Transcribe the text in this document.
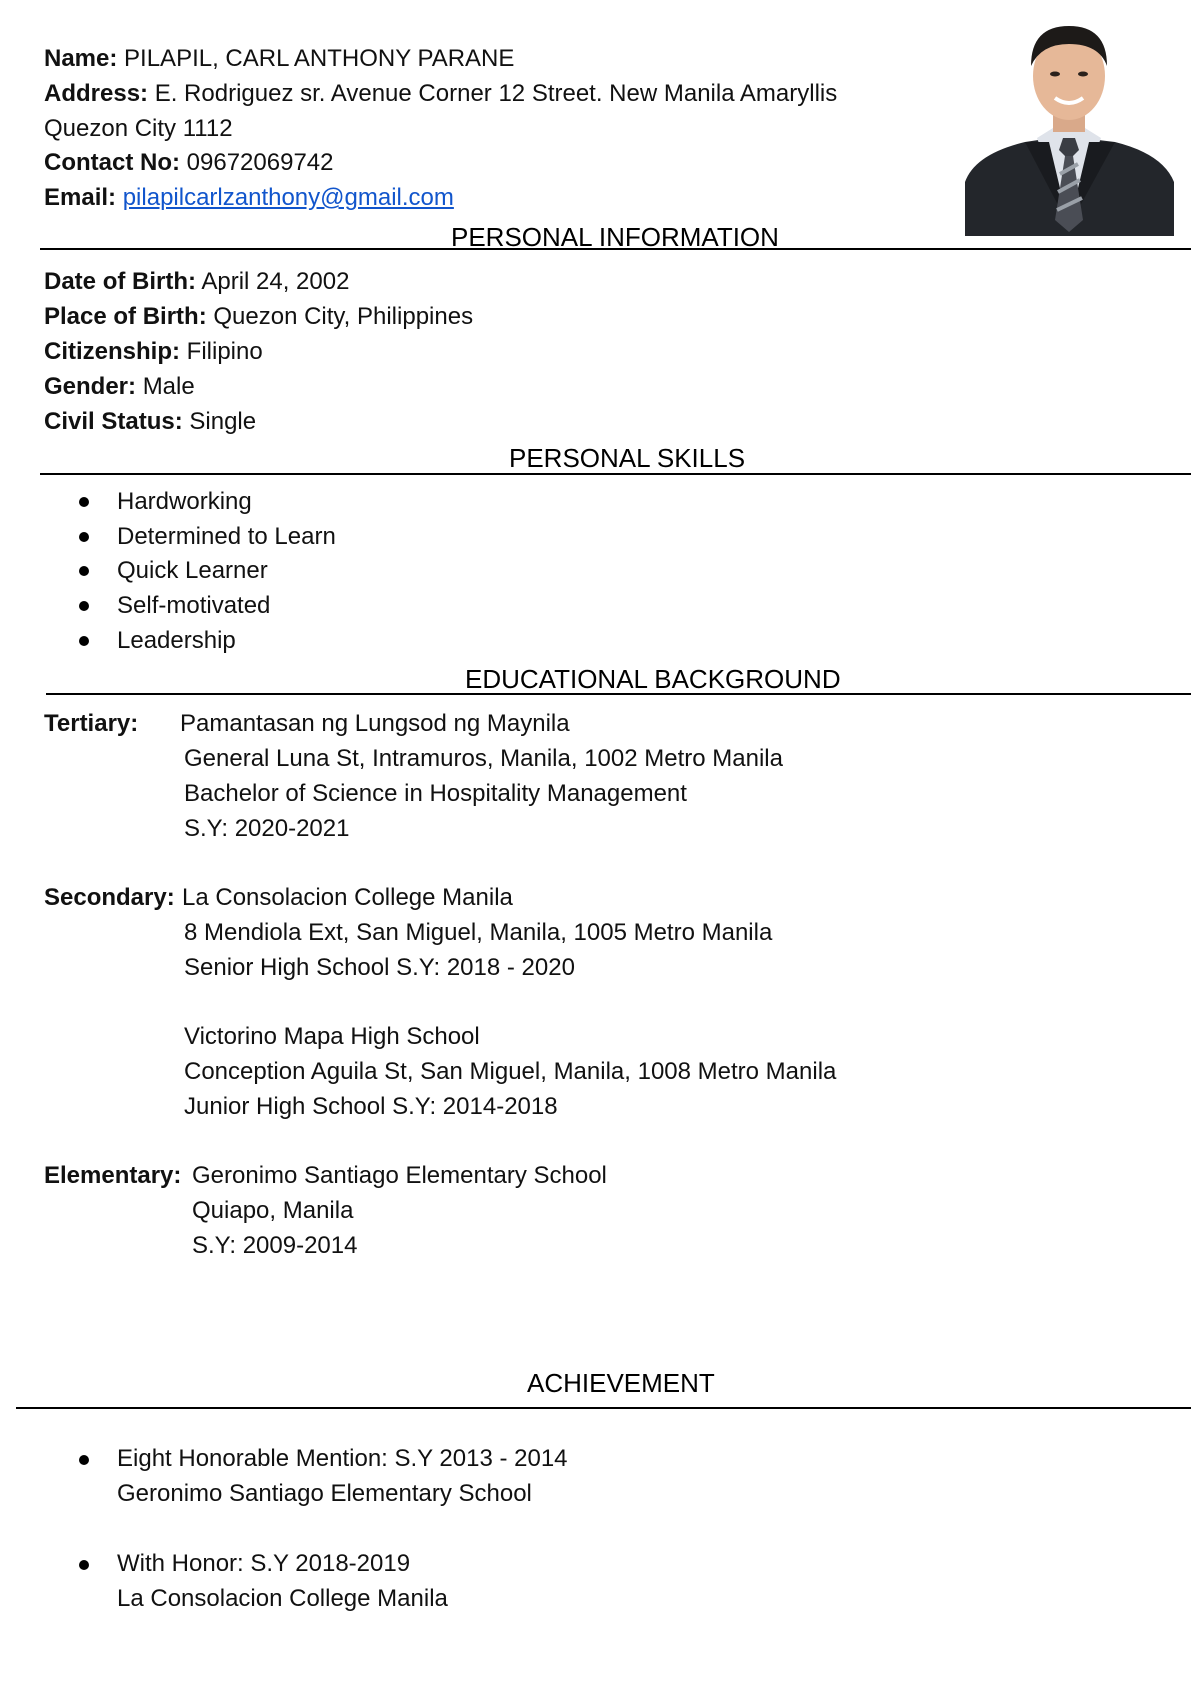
Name: PILAPIL, CARL ANTHONY PARANE
Address: E. Rodriguez sr. Avenue Corner 12 Street. New Manila Amaryllis
Quezon City 1112
Contact No: 09672069742
Email: pilapilcarlzanthony@gmail.com
PERSONAL INFORMATION
Date of Birth: April 24, 2002
Place of Birth: Quezon City, Philippines
Citizenship: Filipino
Gender: Male
Civil Status: Single
PERSONAL SKILLS
Hardworking
Determined to Learn
Quick Learner
Self-motivated
Leadership
EDUCATIONAL BACKGROUND
Tertiary: Pamantasan ng Lungsod ng Maynila
General Luna St, Intramuros, Manila, 1002 Metro Manila
Bachelor of Science in Hospitality Management
S.Y: 2020-2021
Secondary: La Consolacion College Manila
8 Mendiola Ext, San Miguel, Manila, 1005 Metro Manila
Senior High School S.Y: 2018 - 2020
Victorino Mapa High School
Conception Aguila St, San Miguel, Manila, 1008 Metro Manila
Junior High School S.Y: 2014-2018
Elementary: Geronimo Santiago Elementary School
Quiapo, Manila
S.Y: 2009-2014
ACHIEVEMENT
Eight Honorable Mention: S.Y 2013 - 2014
Geronimo Santiago Elementary School
With Honor: S.Y 2018-2019
La Consolacion College Manila
